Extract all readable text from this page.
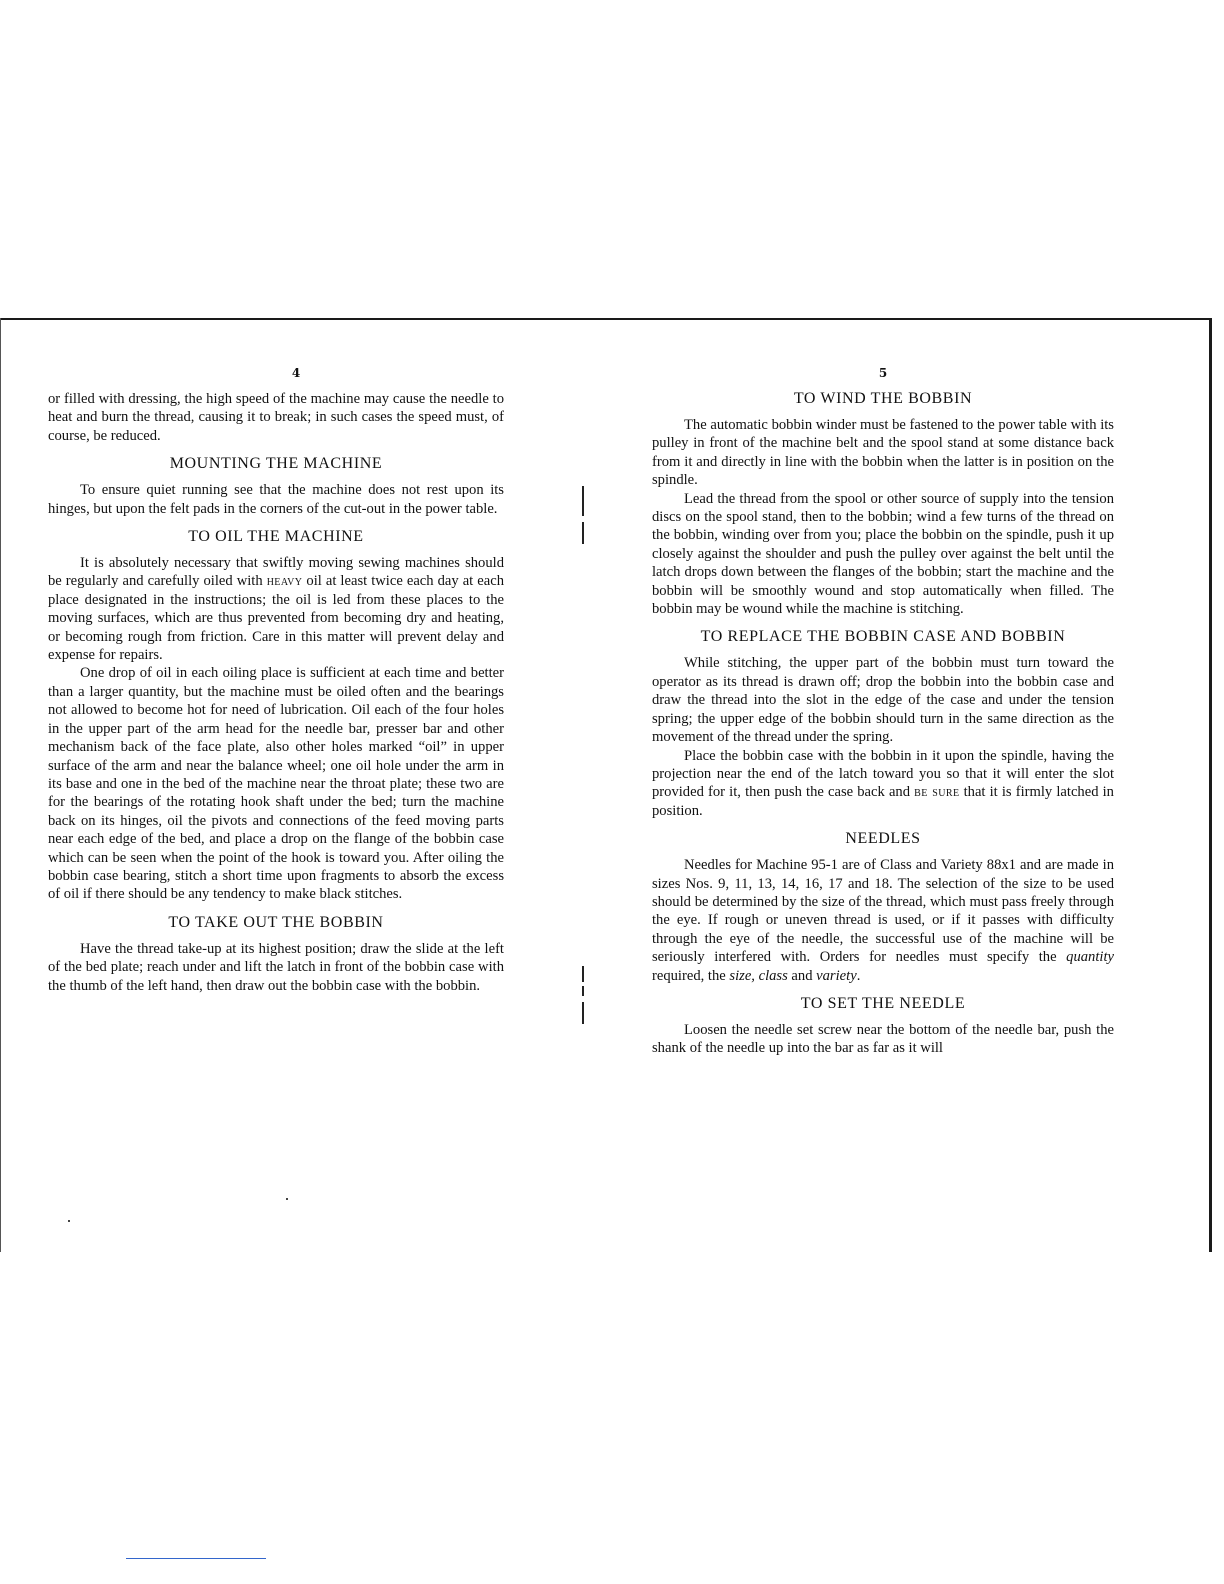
4

or filled with dressing, the high speed of the machine may cause the needle to heat and burn the thread, causing it to break; in such cases the speed must, of course, be reduced.

MOUNTING THE MACHINE

To ensure quiet running see that the machine does not rest upon its hinges, but upon the felt pads in the corners of the cut-out in the power table.

TO OIL THE MACHINE

It is absolutely necessary that swiftly moving sewing machines should be regularly and carefully oiled with heavy oil at least twice each day at each place designated in the instructions; the oil is led from these places to the moving surfaces, which are thus prevented from becoming dry and heating, or becoming rough from friction. Care in this matter will prevent delay and expense for repairs.

One drop of oil in each oiling place is sufficient at each time and better than a larger quantity, but the machine must be oiled often and the bearings not allowed to become hot for need of lubrication. Oil each of the four holes in the upper part of the arm head for the needle bar, presser bar and other mechanism back of the face plate, also other holes marked “oil” in upper surface of the arm and near the balance wheel; one oil hole under the arm in its base and one in the bed of the machine near the throat plate; these two are for the bearings of the rotating hook shaft under the bed; turn the machine back on its hinges, oil the pivots and connections of the feed moving parts near each edge of the bed, and place a drop on the flange of the bobbin case which can be seen when the point of the hook is toward you. After oiling the bobbin case bearing, stitch a short time upon fragments to absorb the excess of oil if there should be any tendency to make black stitches.

TO TAKE OUT THE BOBBIN

Have the thread take-up at its highest position; draw the slide at the left of the bed plate; reach under and lift the latch in front of the bobbin case with the thumb of the left hand, then draw out the bobbin case with the bobbin.

5
TO WIND THE BOBBIN

The automatic bobbin winder must be fastened to the power table with its pulley in front of the machine belt and the spool stand at some distance back from it and directly in line with the bobbin when the latter is in position on the spindle.

Lead the thread from the spool or other source of supply into the tension discs on the spool stand, then to the bobbin; wind a few turns of the thread on the bobbin, winding over from you; place the bobbin on the spindle, push it up closely against the shoulder and push the pulley over against the belt until the latch drops down between the flanges of the bobbin; start the machine and the bobbin will be smoothly wound and stop automatically when filled. The bobbin may be wound while the machine is stitching.

TO REPLACE THE BOBBIN CASE AND BOBBIN

While stitching, the upper part of the bobbin must turn toward the operator as its thread is drawn off; drop the bobbin into the bobbin case and draw the thread into the slot in the edge of the case and under the tension spring; the upper edge of the bobbin should turn in the same direction as the movement of the thread under the spring.

Place the bobbin case with the bobbin in it upon the spindle, having the projection near the end of the latch toward you so that it will enter the slot provided for it, then push the case back and be sure that it is firmly latched in position.

NEEDLES

Needles for Machine 95-1 are of Class and Variety 88x1 and are made in sizes Nos. 9, 11, 13, 14, 16, 17 and 18. The selection of the size to be used should be determined by the size of the thread, which must pass freely through the eye. If rough or uneven thread is used, or if it passes with difficulty through the eye of the needle, the successful use of the machine will be seriously interfered with. Orders for needles must specify the quantity required, the size, class and variety.

TO SET THE NEEDLE

Loosen the needle set screw near the bottom of the needle bar, push the shank of the needle up into the bar as far as it will
